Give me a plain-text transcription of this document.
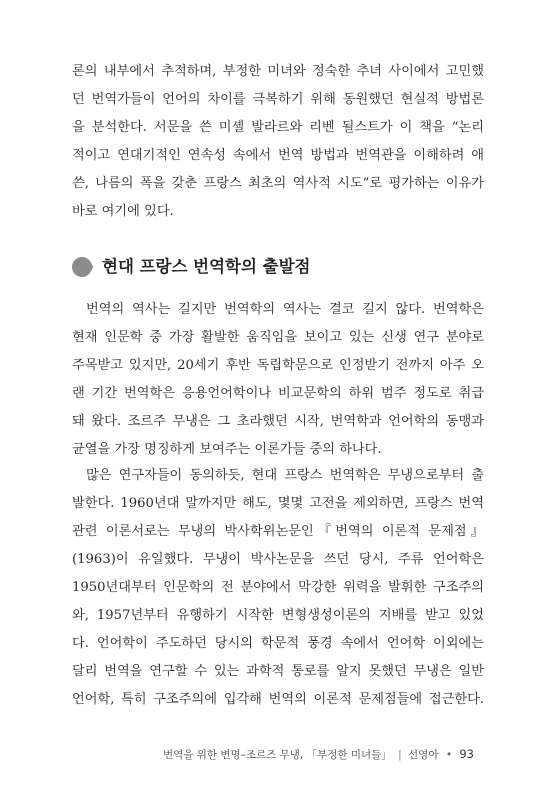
론의 내부에서 추적하며, 부정한 미녀와 정숙한 추녀 사이에서 고민했
던 번역가들이 언어의 차이를 극복하기 위해 동원했던 현실적 방법론
을 분석한다. 서문을 쓴 미셸 발라르와 리벤 될스트가 이 책을 “논리
적이고 연대기적인 연속성 속에서 번역 방법과 번역관을 이해하려 애
쓴, 나름의 폭을 갖춘 프랑스 최초의 역사적 시도”로 평가하는 이유가
바로 여기에 있다.
현대 프랑스 번역학의 출발점
번역의 역사는 길지만 번역학의 역사는 결코 길지 않다. 번역학은
현재 인문학 중 가장 활발한 움직임을 보이고 있는 신생 연구 분야로
주목받고 있지만, 20세기 후반 독립학문으로 인정받기 전까지 아주 오
랜 기간 번역학은 응용언어학이나 비교문학의 하위 범주 정도로 취급
돼 왔다. 조르주 무냉은 그 초라했던 시작, 번역학과 언어학의 동맹과
균열을 가장 명징하게 보여주는 이론가들 중의 하나다.
많은 연구자들이 동의하듯, 현대 프랑스 번역학은 무냉으로부터 출
발한다. 1960년대 말까지만 해도, 몇몇 고전을 제외하면, 프랑스 번역
관련 이론서로는 무냉의 박사학위논문인『번역의 이론적 문제점』
(1963)이 유일했다. 무냉이 박사논문을 쓰던 당시, 주류 언어학은
1950년대부터 인문학의 전 분야에서 막강한 위력을 발휘한 구조주의
와, 1957년부터 유행하기 시작한 변형생성이론의 지배를 받고 있었
다. 언어학이 주도하던 당시의 학문적 풍경 속에서 언어학 이외에는
달리 번역을 연구할 수 있는 과학적 통로를 알지 못했던 무냉은 일반
언어학, 특히 구조주의에 입각해 번역의 이론적 문제점들에 접근한다.
번역을 위한 변명–조르즈 무냉, 「부정한 미녀들」 | 선영아 • 93
